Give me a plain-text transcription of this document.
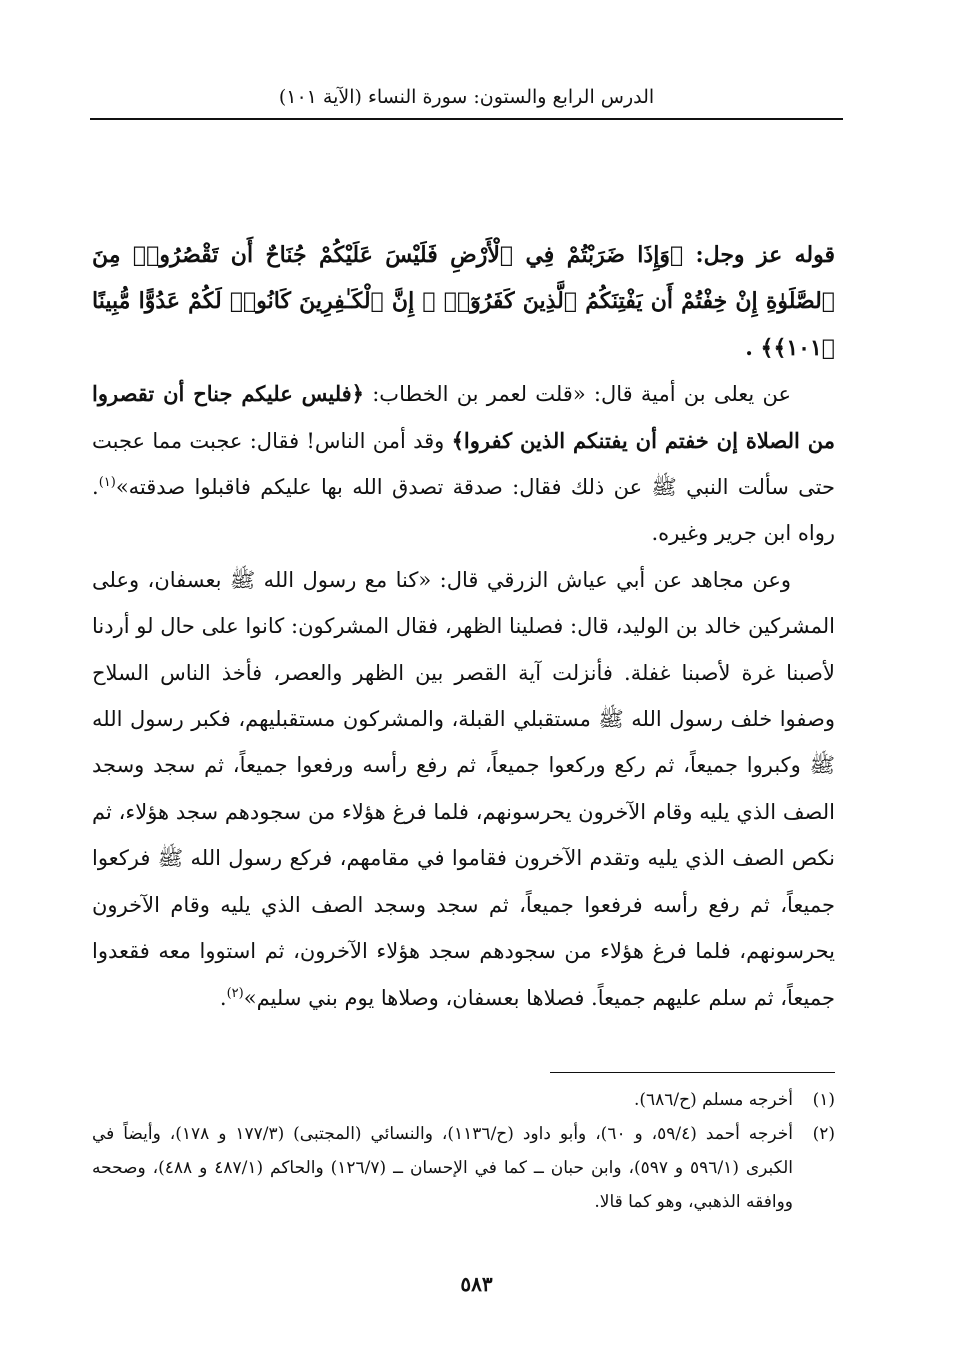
الدرس الرابع والستون: سورة النساء (الآية ١٠١)

قوله عز وجل: ﴿وَإِذَا ضَرَبْتُمْ فِي ٱلْأَرْضِ فَلَيْسَ عَلَيْكُمْ جُنَاحٌ أَن تَقْصُرُوا۟ مِنَ ٱلصَّلَوٰةِ إِنْ خِفْتُمْ أَن يَفْتِنَكُمُ ٱلَّذِينَ كَفَرُوٓا۟ ۚ إِنَّ ٱلْكَـٰفِرِينَ كَانُوا۟ لَكُمْ عَدُوًّا مُّبِينًا ﴿١٠١﴾﴾ .

عن يعلى بن أمية قال: «قلت لعمر بن الخطاب: ﴿فليس عليكم جناح أن تقصروا من الصلاة إن خفتم أن يفتنكم الذين كفروا﴾ وقد أمن الناس! فقال: عجبت مما عجبت حتى سألت النبي ﷺ عن ذلك فقال: صدقة تصدق الله بها عليكم فاقبلوا صدقته»$^{(١)}$. رواه ابن جرير وغيره.

وعن مجاهد عن أبي عياش الزرقي قال: «كنا مع رسول الله ﷺ بعسفان، وعلى المشركين خالد بن الوليد، قال: فصلينا الظهر، فقال المشركون: كانوا على حال لو أردنا لأصبنا غرة لأصبنا غفلة. فأنزلت آية القصر بين الظهر والعصر، فأخذ الناس السلاح وصفوا خلف رسول الله ﷺ مستقبلي القبلة، والمشركون مستقبليهم، فكبر رسول الله ﷺ وكبروا جميعاً، ثم ركع وركعوا جميعاً، ثم رفع رأسه ورفعوا جميعاً، ثم سجد وسجد الصف الذي يليه وقام الآخرون يحرسونهم، فلما فرغ هؤلاء من سجودهم سجد هؤلاء، ثم نكص الصف الذي يليه وتقدم الآخرون فقاموا في مقامهم، فركع رسول الله ﷺ فركعوا جميعاً، ثم رفع رأسه فرفعوا جميعاً، ثم سجد وسجد الصف الذي يليه وقام الآخرون يحرسونهم، فلما فرغ هؤلاء من سجودهم سجد هؤلاء الآخرون، ثم استووا معه فقعدوا جميعاً، ثم سلم عليهم جميعاً. فصلاها بعسفان، وصلاها يوم بني سليم»$^{(٢)}$.

(١)
أخرجه مسلم (ح/٦٨٦).

(٢)
أخرجه أحمد (٥٩/٤، و ٦٠)، وأبو داود (ح/١١٣٦)، والنسائي (المجتبى) (١٧٧/٣ و ١٧٨)، وأيضاً في الكبرى (٥٩٦/١ و ٥٩٧)، وابن حبان ــ كما في الإحسان ــ (١٢٦/٧) والحاكم (٤٨٧/١ و ٤٨٨)، وصححه ووافقه الذهبي، وهو كما قالا.

٥٨٣
